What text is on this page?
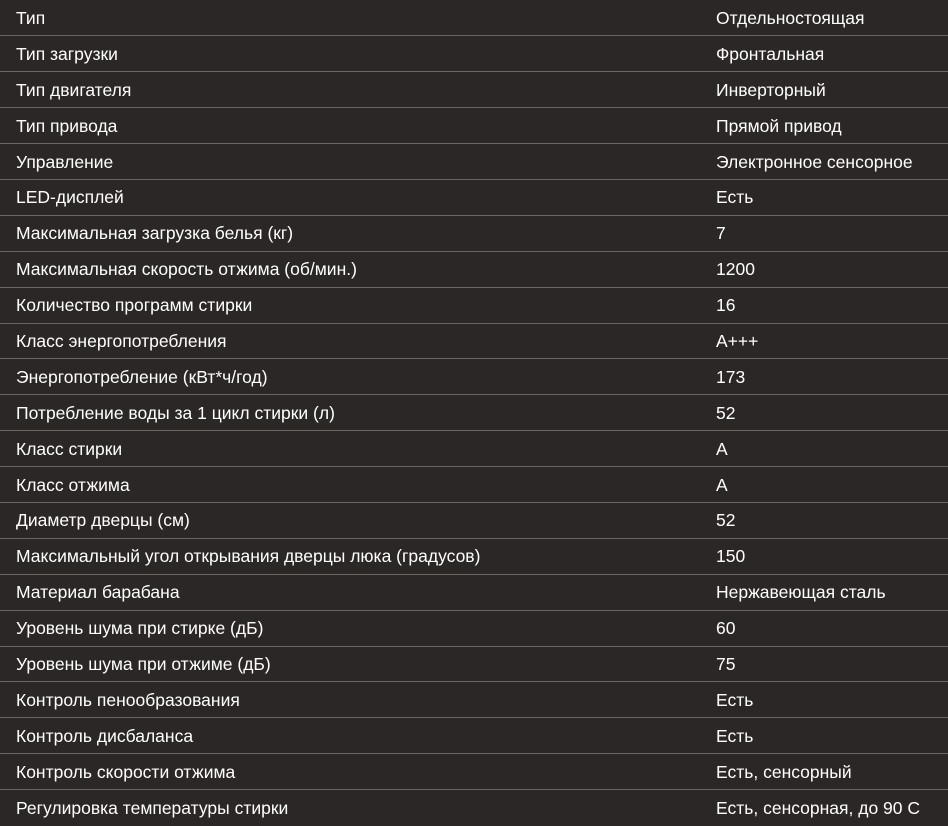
Тип	Отдельностоящая
Тип загрузки	Фронтальная
Тип двигателя	Инверторный
Тип привода	Прямой привод
Управление	Электронное сенсорное
LED-дисплей	Есть
Максимальная загрузка белья (кг)	7
Максимальная скорость отжима (об/мин.)	1200
Количество программ стирки	16
Класс энергопотребления	A+++
Энергопотребление (кВт*ч/год)	173
Потребление воды за 1 цикл стирки (л)	52
Класс стирки	A
Класс отжима	A
Диаметр дверцы (см)	52
Максимальный угол открывания дверцы люка (градусов)	150
Материал барабана	Нержавеющая сталь
Уровень шума при стирке (дБ)	60
Уровень шума при отжиме (дБ)	75
Контроль пенообразования	Есть
Контроль дисбаланса	Есть
Контроль скорости отжима	Есть, сенсорный
Регулировка температуры стирки	Есть, сенсорная, до 90 С
